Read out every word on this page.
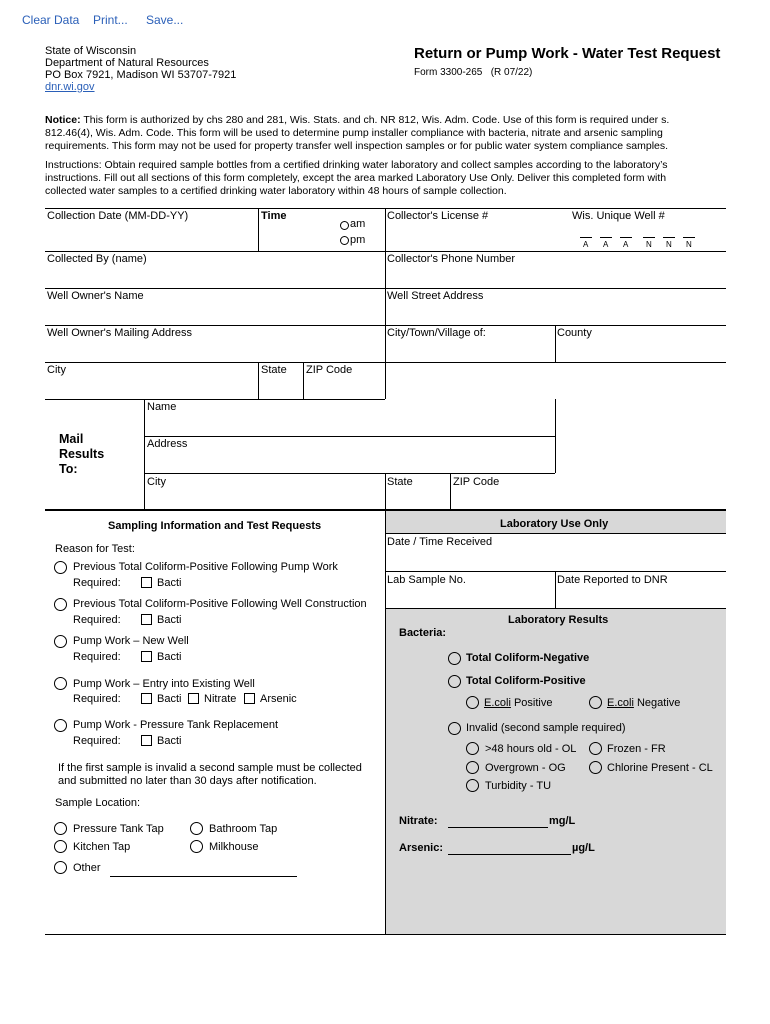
Clear Data Print... Save...
State of Wisconsin
Department of Natural Resources
PO Box 7921, Madison WI 53707-7921
dnr.wi.gov
Return or Pump Work - Water Test Request
Form 3300-265   (R 07/22)
Notice: This form is authorized by chs 280 and 281, Wis. Stats. and ch. NR 812, Wis. Adm. Code. Use of this form is required under s.
812.46(4), Wis. Adm. Code. This form will be used to determine pump installer compliance with bacteria, nitrate and arsenic sampling
requirements. This form may not be used for property transfer well inspection samples or for public water system compliance samples.
Instructions: Obtain required sample bottles from a certified drinking water laboratory and collect samples according to the laboratory’s
instructions. Fill out all sections of this form completely, except the area marked Laboratory Use Only. Deliver this completed form with
collected water samples to a certified drinking water laboratory within 48 hours of sample collection.
Collection Date (MM-DD-YY)	Time
am
pm
Collector's License #	Wis. Unique Well #
A A A N N N
Collected By (name)	Collector's Phone Number
Well Owner's Name	Well Street Address
Well Owner's Mailing Address	City/Town/Village of:	County
City	State ZIP Code
Mail
Results
To:
Name
Address
City	State	ZIP Code
Sampling Information and Test Requests
Reason for Test:
Previous Total Coliform-Positive Following Pump Work
Required:	Bacti
Previous Total Coliform-Positive Following Well Construction
Required:	Bacti
Pump Work – New Well
Required:	Bacti
Pump Work – Entry into Existing Well
Required:	Bacti Nitrate Arsenic
Pump Work - Pressure Tank Replacement
Required:	Bacti
If the first sample is invalid a second sample must be collected
and submitted no later than 30 days after notification.
Sample Location:
Pressure Tank Tap	Bathroom Tap
Kitchen Tap	Milkhouse
Other
Laboratory Use Only
Date / Time Received
Lab Sample No.	Date Reported to DNR
Laboratory Results
Bacteria:
Total Coliform-Negative
Total Coliform-Positive
E.coli Positive	E.coli Negative
Invalid (second sample required)
>48 hours old - OL	Frozen - FR
Overgrown - OG	Chlorine Present - CL
Turbidity - TU
Nitrate:	mg/L
Arsenic:	µg/L
